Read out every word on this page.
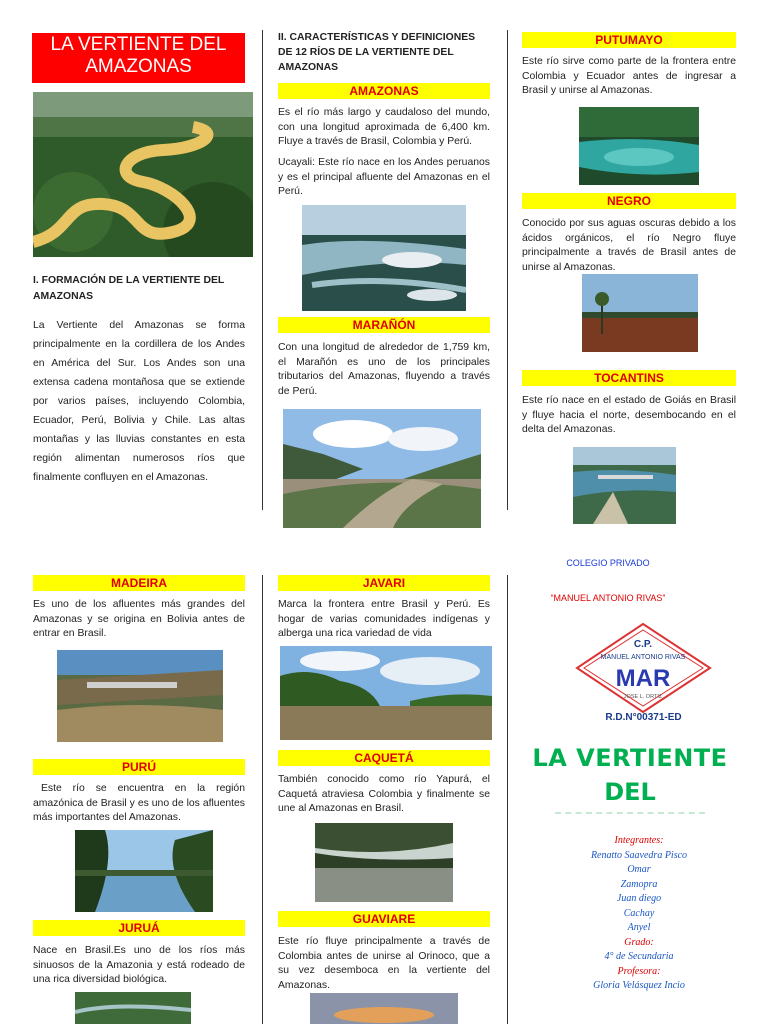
LA VERTIENTE DEL AMAZONAS
I. FORMACIÓN DE LA VERTIENTE DEL AMAZONAS
La Vertiente del Amazonas se forma principalmente en la cordillera de los Andes en América del Sur. Los Andes son una extensa cadena montañosa que se extiende por varios países, incluyendo Colombia, Ecuador, Perú, Bolivia y Chile. Las altas montañas y las lluvias constantes en esta región alimentan numerosos ríos que finalmente confluyen en el Amazonas.
II. CARACTERÍSTICAS Y DEFINICIONES DE 12 RÍOS DE LA VERTIENTE DEL AMAZONAS
AMAZONAS
Es el río más largo y caudaloso del mundo, con una longitud aproximada de 6,400 km. Fluye a través de Brasil, Colombia y Perú.
Ucayali: Este río nace en los Andes peruanos y es el principal afluente del Amazonas en el Perú.
MARAÑÓN
Con una longitud de alrededor de 1,759 km, el Marañón es uno de los principales tributarios del Amazonas, fluyendo a través de Perú.
PUTUMAYO
Este río sirve como parte de la frontera entre Colombia y Ecuador antes de ingresar a Brasil y unirse al Amazonas.
NEGRO
Conocido por sus aguas oscuras debido a los ácidos orgánicos, el río Negro fluye principalmente a través de Brasil antes de unirse al Amazonas.
TOCANTINS
Este río nace en el estado de Goiás en Brasil y fluye hacia el norte, desembocando en el delta del Amazonas.
MADEIRA
Es uno de los afluentes más grandes del Amazonas y se origina en Bolivia antes de entrar en Brasil.
PURÚ
Este río se encuentra en la región amazónica de Brasil y es uno de los afluentes más importantes del Amazonas.
JURUÁ
Nace en Brasil.Es uno de los ríos más sinuosos de la Amazonia y está rodeado de una rica diversidad biológica.
JAVARI
Marca la frontera entre Brasil y Perú. Es hogar de varias comunidades indígenas y alberga una rica variedad de vida
CAQUETÁ
También conocido como río Yapurá, el Caquetá atraviesa Colombia y finalmente se une al Amazonas en Brasil.
GUAVIARE
Este río fluye principalmente a través de Colombia antes de unirse al Orinoco, que a su vez desemboca en la vertiente del Amazonas.
COLEGIO PRIVADO
“MANUEL ANTONIO RIVAS”
C.P.
MANUEL ANTONIO RIVAS
MAR
JOSE L. ORTIZ
R.D.N°00371-ED
LA VERTIENTE
DEL
Integrantes:
Renatto Saavedra Pisco
Omar
Zamopra
Juan diego
Cachay
Anyel
Grado:
4° de Secundaria
Profesora:
Gloria Velásquez Incio
